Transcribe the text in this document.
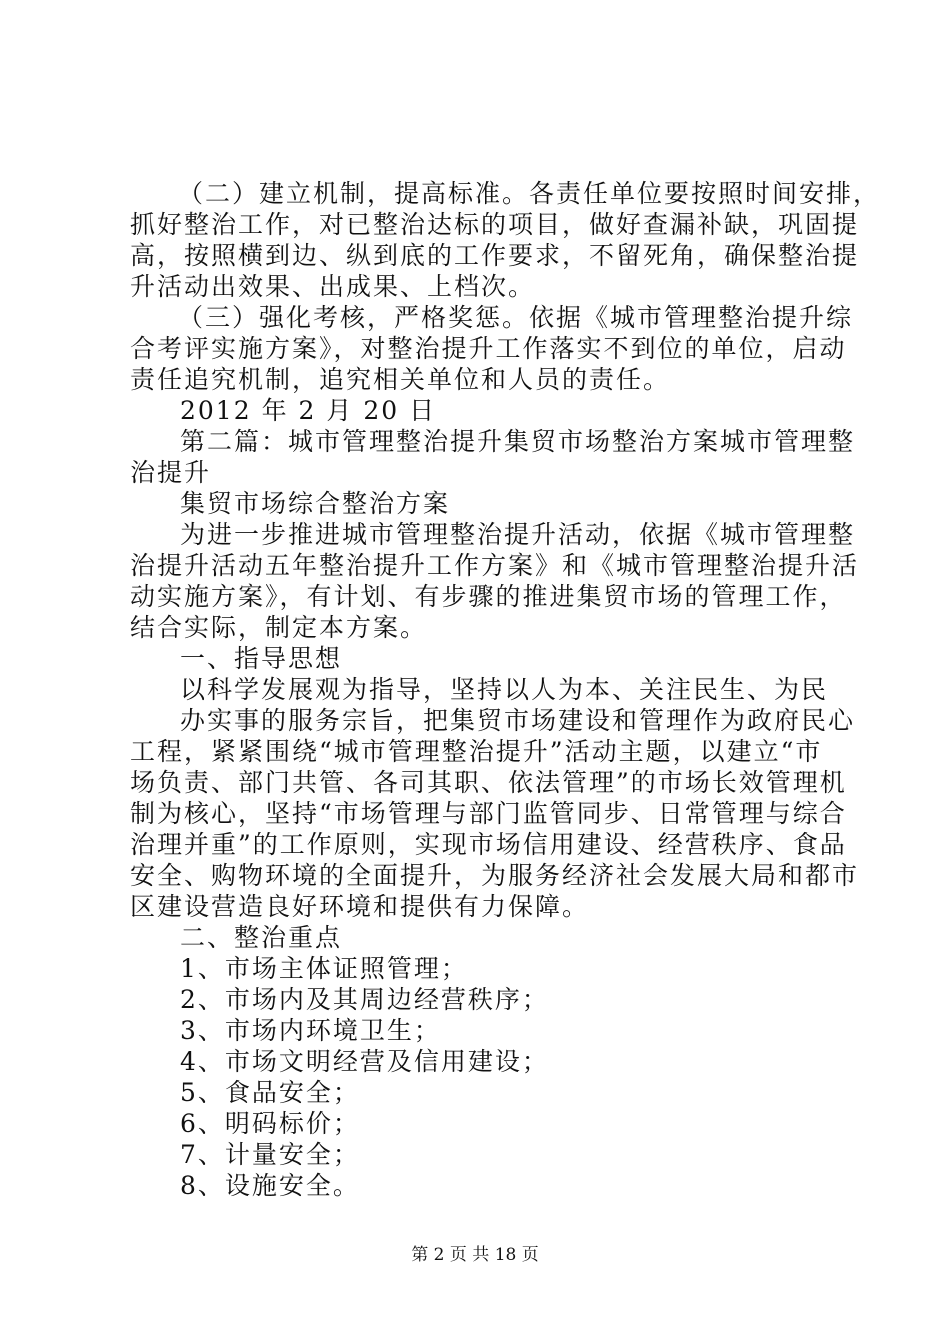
（二）建立机制，提高标准。各责任单位要按照时间安排，
抓好整治工作，对已整治达标的项目，做好查漏补缺，巩固提
高，按照横到边、纵到底的工作要求，不留死角，确保整治提
升活动出效果、出成果、上档次。
（三）强化考核，严格奖惩。依据《城市管理整治提升综
合考评实施方案》，对整治提升工作落实不到位的单位，启动
责任追究机制，追究相关单位和人员的责任。
2012 年 2 月 20 日
第二篇：城市管理整治提升集贸市场整治方案城市管理整
治提升
集贸市场综合整治方案
为进一步推进城市管理整治提升活动，依据《城市管理整
治提升活动五年整治提升工作方案》和《城市管理整治提升活
动实施方案》，有计划、有步骤的推进集贸市场的管理工作，
结合实际，制定本方案。
一、指导思想
以科学发展观为指导，坚持以人为本、关注民生、为民
办实事的服务宗旨，把集贸市场建设和管理作为政府民心
工程，紧紧围绕“城市管理整治提升”活动主题，以建立“市
场负责、部门共管、各司其职、依法管理”的市场长效管理机
制为核心，坚持“市场管理与部门监管同步、日常管理与综合
治理并重”的工作原则，实现市场信用建设、经营秩序、食品
安全、购物环境的全面提升，为服务经济社会发展大局和都市
区建设营造良好环境和提供有力保障。
二、整治重点
1、市场主体证照管理；
2、市场内及其周边经营秩序；
3、市场内环境卫生；
4、市场文明经营及信用建设；
5、食品安全；
6、明码标价；
7、计量安全；
8、设施安全。
第 2 页 共 18 页
